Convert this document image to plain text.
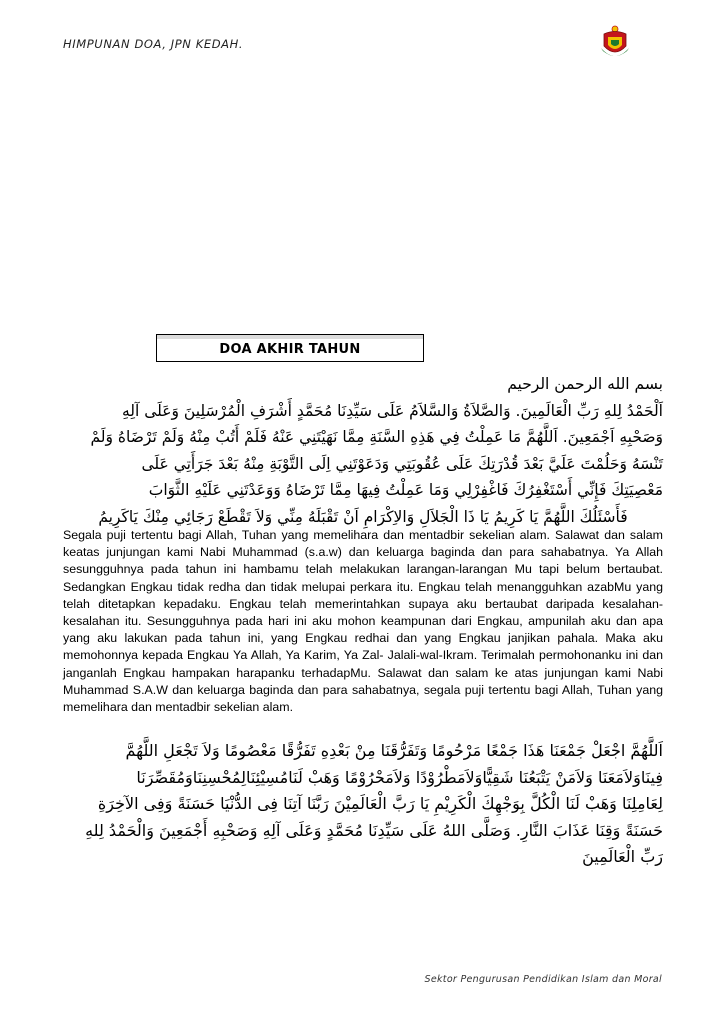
HIMPUNAN DOA, JPN KEDAH.
DOA AKHIR TAHUN
بسم الله الرحمن الرحيم
اَلْحَمْدُ لِلهِ رَبِّ الْعَالَمِينَ. وَالصَّلاَةُ وَالسَّلاَمُ عَلَى سَيِّدِنَا مُحَمَّدٍ أَشْرَفِ الْمُرْسَلِينَ وَعَلَى آلِهِ
وَصَحْبِهِ اَجْمَعِينَ. اَللَّهُمَّ مَا عَمِلْتُ فِي هَذِهِ السَّنَةِ مِمَّا نَهَيْتَنِي عَنْهُ فَلَمْ أَتُبْ مِنْهُ وَلَمْ تَرْضَاهُ وَلَمْ
تَنْسَهُ وَحَلُمْتَ عَلَيَّ بَعْدَ قُدْرَتِكَ عَلَى عُقُوبَتِي وَدَعَوْتَنِي اِلَى التَّوْبَةِ مِنْهُ بَعْدَ جَرَأَتِي عَلَى
مَعْصِيَتِكَ فَإِنِّي أَسْتَغْفِرُكَ فَاغْفِرْلِي وَمَا عَمِلْتُ فِيهَا مِمَّا تَرْضَاهُ وَوَعَدْتَنِي عَلَيْهِ الثَّوَابَ
فَأَسْئَلُكَ اللَّهُمَّ يَا كَرِيمُ يَا ذَا الْجَلاَلِ وَالاِكْرَامِ اَنْ تَقْبَلَهُ مِنِّي وَلاَ تَقْطَعْ رَجَائِي مِنْكَ يَاكَرِيمُ
Segala puji tertentu bagi Allah, Tuhan yang memelihara dan mentadbir sekelian alam. Salawat dan salam keatas junjungan kami Nabi Muhammad (s.a.w) dan keluarga baginda dan para sahabatnya. Ya Allah sesungguhnya pada tahun ini hambamu telah melakukan larangan-larangan Mu tapi belum bertaubat. Sedangkan Engkau tidak redha dan tidak melupai perkara itu. Engkau telah menangguhkan azabMu yang telah ditetapkan kepadaku. Engkau telah memerintahkan supaya aku bertaubat daripada kesalahan-kesalahan itu. Sesungguhnya pada hari ini aku mohon keampunan dari Engkau, ampunilah aku dan apa yang aku lakukan pada tahun ini, yang Engkau redhai dan yang Engkau janjikan pahala. Maka aku memohonnya kepada Engkau Ya Allah, Ya Karim, Ya Zal- Jalali-wal-Ikram. Terimalah permohonanku ini dan janganlah Engkau hampakan harapanku terhadapMu. Salawat dan salam ke atas junjungan kami Nabi Muhammad S.A.W dan keluarga baginda dan para sahabatnya, segala puji tertentu bagi Allah, Tuhan yang memelihara dan mentadbir sekelian alam.
اَللَّهُمَّ اجْعَلْ جَمْعَنَا هَذَا جَمْعًا مَرْحُومًا وَتَفَرُّقَنَا مِنْ بَعْدِهِ تَفَرُّقًا مَعْصُومًا وَلاَ تَجْعَلِ اللَّهُمَّ
فِينَاوَلاَمَعَنَا وَلاَمَنْ يَتْبَعُنَا شَقِيًّاوَلاَمَطْرُوْدًا وَلاَمَحْرُوْمًا وَهَبْ لَنَامُسِيْئِنَالِمُحْسِنِنَاوَمُقَصِّرَنَا
لِعَامِلِنَا وَهَبْ لَنَا الْكُلَّ بِوَجْهِكَ الْكَرِيْمِ يَا رَبَّ الْعَالَمِيْنَ رَبَّنَا آتِنَا فِى الدُّنْيَا حَسَنَةً وَفِى الآخِرَةِ
حَسَنَةً وَقِنَا عَذَابَ النَّارِ. وَصَلَّى اللهُ عَلَى سَيِّدِنَا مُحَمَّدٍ وَعَلَى آلِهِ وَصَحْبِهِ أَجْمَعِينَ وَالْحَمْدُ لِلهِ
رَبِّ الْعَالَمِينَ
Sektor Pengurusan Pendidikan Islam dan Moral
